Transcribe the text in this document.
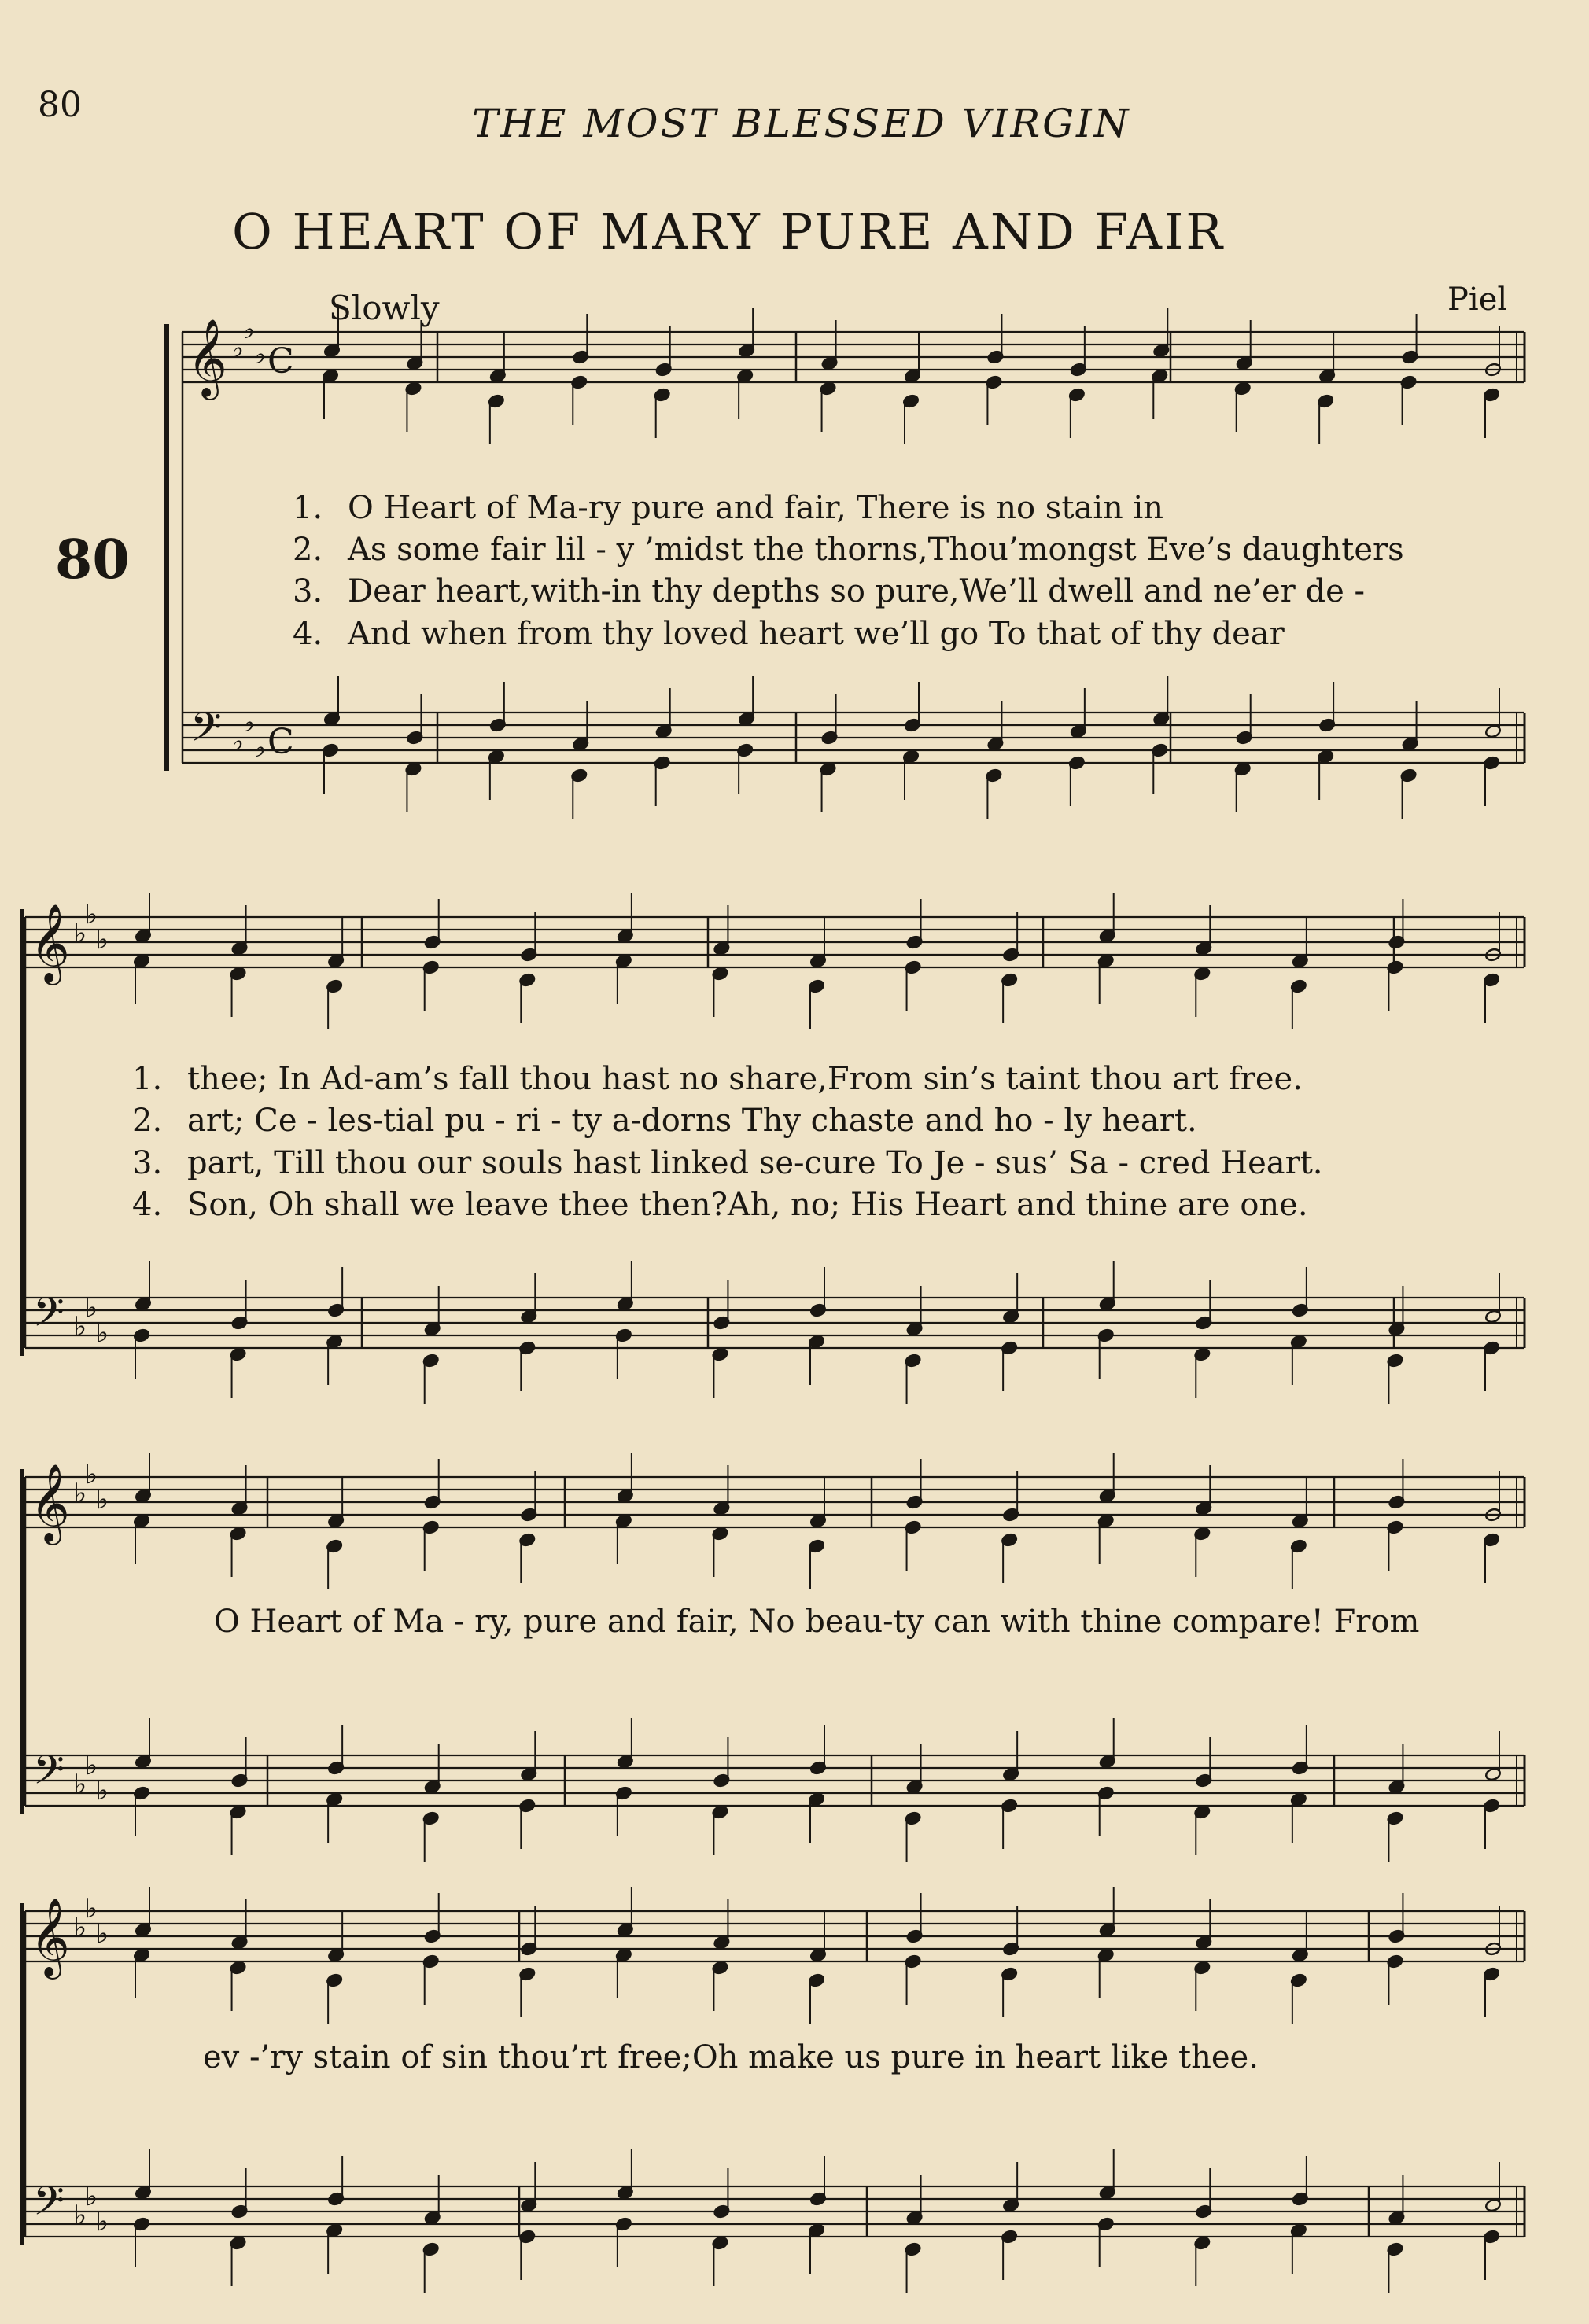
80	THE MOST BLESSED VIRGIN
O HEART OF MARY PURE AND FAIR
Slowly	Piel
80
𝄞
𝄢
♭
♭
♭
♭
♭
♭
C
C
𝄞
𝄢
♭
♭
♭
♭
♭
♭
𝄞
𝄢
♭
♭
♭
♭
♭
♭
𝄞
𝄢
♭
♭
♭
♭
♭
♭
1. O Heart of Ma-ry pure and fair, There is no stain in
2. As some fair lil - y ’midst the thorns,Thou’mongst Eve’s daughters
3. Dear heart,with-in thy depths so pure,We’ll dwell and ne’er de -
4. And when from thy loved heart we’ll go To that of thy dear
1. thee; In Ad-am’s fall thou hast no share,From sin’s taint thou art free.
2. art; Ce - les-tial pu - ri - ty a-dorns Thy chaste and ho - ly heart.
3. part, Till thou our souls hast linked se-cure To Je - sus’ Sa - cred Heart.
4. Son, Oh shall we leave thee then?Ah, no; His Heart and thine are one.
O Heart of Ma - ry, pure and fair, No beau-ty can with thine compare! From
ev -’ry stain of sin thou’rt free;Oh make us pure in heart like thee.
